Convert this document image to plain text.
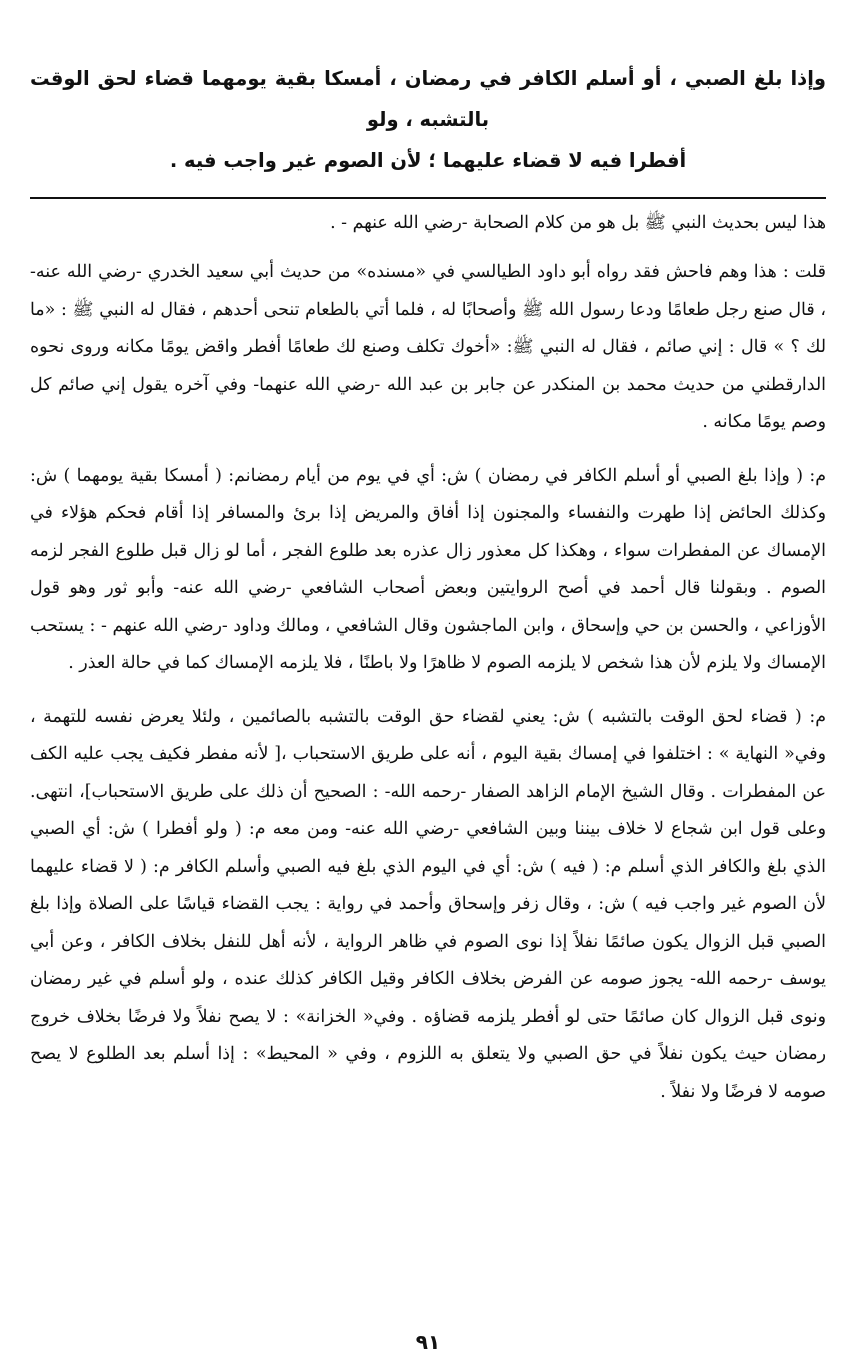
وإذا بلغ الصبي ، أو أسلم الكافر في رمضان ، أمسكا بقية يومهما قضاء لحق الوقت بالتشبه ، ولو
أفطرا فيه لا قضاء عليهما ؛ لأن الصوم غير واجب فيه .

هذا ليس بحديث النبي ﷺ بل هو من كلام الصحابة -رضي الله عنهم - .

قلت : هذا وهم فاحش فقد رواه أبو داود الطيالسي في «مسنده» من حديث أبي سعيد الخدري -رضي الله عنه- ، قال صنع رجل طعامًا ودعا رسول الله ﷺ وأصحابًا له ، فلما أتي بالطعام تنحى أحدهم ، فقال له النبي ﷺ : «ما لك ؟ » قال : إني صائم ، فقال له النبي ﷺ: «أخوك تكلف وصنع لك طعامًا أفطر واقض يومًا مكانه وروى نحوه الدارقطني من حديث محمد بن المنكدر عن جابر بن عبد الله -رضي الله عنهما- وفي آخره يقول إني صائم كل وصم يومًا مكانه .

م: ( وإذا بلغ الصبي أو أسلم الكافر في رمضان ) ش: أي في يوم من أيام رمضانم: ( أمسكا بقية يومهما ) ش: وكذلك الحائض إذا طهرت والنفساء والمجنون إذا أفاق والمريض إذا برئ والمسافر إذا أقام فحكم هؤلاء في الإمساك عن المفطرات سواء ، وهكذا كل معذور زال عذره بعد طلوع الفجر ، أما لو زال قبل طلوع الفجر لزمه الصوم . وبقولنا قال أحمد في أصح الروايتين وبعض أصحاب الشافعي -رضي الله عنه- وأبو ثور وهو قول الأوزاعي ، والحسن بن حي وإسحاق ، وابن الماجشون وقال الشافعي ، ومالك وداود -رضي الله عنهم - : يستحب الإمساك ولا يلزم لأن هذا شخص لا يلزمه الصوم لا ظاهرًا ولا باطنًا ، فلا يلزمه الإمساك كما في حالة العذر .

م: ( قضاء لحق الوقت بالتشبه ) ش: يعني لقضاء حق الوقت بالتشبه بالصائمين ، ولئلا يعرض نفسه للتهمة ، وفي« النهاية » : اختلفوا في إمساك بقية اليوم ، أنه على طريق الاستحباب ،[ لأنه مفطر فكيف يجب عليه الكف عن المفطرات . وقال الشيخ الإمام الزاهد الصفار -رحمه الله- : الصحيح أن ذلك على طريق الاستحباب]، انتهى. وعلى قول ابن شجاع لا خلاف بيننا وبين الشافعي -رضي الله عنه- ومن معه م: ( ولو أفطرا ) ش: أي الصبي الذي بلغ والكافر الذي أسلم م: ( فيه ) ش: أي في اليوم الذي بلغ فيه الصبي وأسلم الكافر م: ( لا قضاء عليهما لأن الصوم غير واجب فيه ) ش: ، وقال زفر وإسحاق وأحمد في رواية : يجب القضاء قياسًا على الصلاة وإذا بلغ الصبي قبل الزوال يكون صائمًا نفلاً إذا نوى الصوم في ظاهر الرواية ، لأنه أهل للنفل بخلاف الكافر ، وعن أبي يوسف -رحمه الله- يجوز صومه عن الفرض بخلاف الكافر وقيل الكافر كذلك عنده ، ولو أسلم في غير رمضان ونوى قبل الزوال كان صائمًا حتى لو أفطر يلزمه قضاؤه . وفي« الخزانة» : لا يصح نفلاً ولا فرضًا بخلاف خروج رمضان حيث يكون نفلاً في حق الصبي ولا يتعلق به اللزوم ، وفي « المحيط» : إذا أسلم بعد الطلوع لا يصح صومه لا فرضًا ولا نفلاً .

٩١
